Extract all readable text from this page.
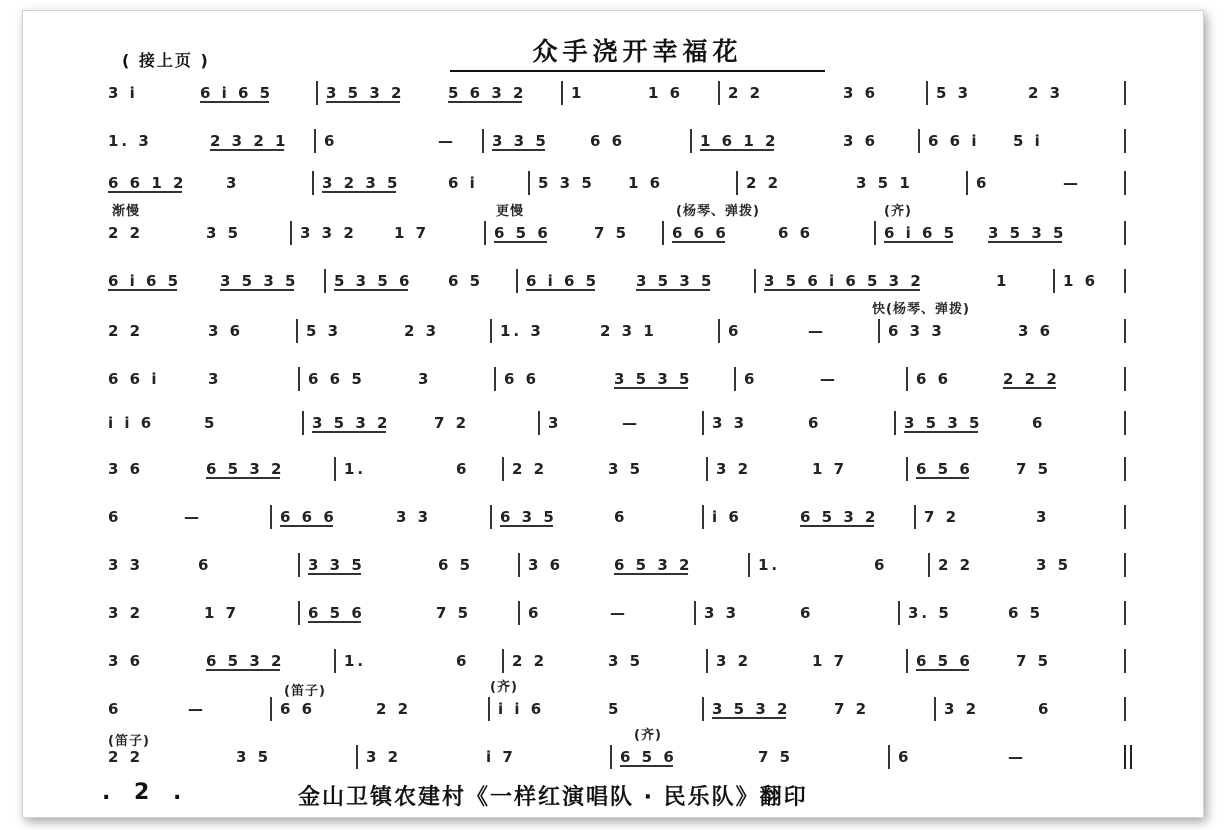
( 接上页 )	众手浇开幸福花
渐慢	更慢	(杨琴、弹拨)	(齐)
快(杨琴、弹拨)
(笛子)	(齐)
(笛子)	(齐)
3 i	6 i 6 5	3 5 3 2	5 6 3 2	1	1 6	2 2	3 6	5 3	2 3
1. 3	2 3 2 1 6	— 3 3 5	6 6	1 6 1 2	3 6	6 6 i 5 i
6 6 1 2	3	3 2 3 5	6 i	5 3 5 1 6	2 2	3 5 1	6	—
2 2	3 5	3 3 2 1 7	6 5 6	7 5	6 6 6	6 6	6 i 6 5 3 5 3 5
6 i 6 5	3 5 3 5 5 3 5 6 6 5	6 i 6 5 3 5 3 5	3 5 6 i 6 5 3 2	1	1 6
2 2	3 6	5 3	2 3	1. 3	2 3 1	6	—	6 3 3	3 6
6 6 i	3	6 6 5	3	6 6	3 5 3 5	6	—	6 6	2 2 2
i i 6	5	3 5 3 2	7 2	3	—	3 3	6	3 5 3 5	6
3 6	6 5 3 2	1.	6	2 2	3 5	3 2	1 7	6 5 6	7 5
6	—	6 6 6	3 3	6 3 5	6	i 6	6 5 3 2	7 2	3
3 3	6	3 3 5	6 5	3 6	6 5 3 2	1.	6	2 2	3 5
3 2	1 7	6 5 6	7 5	6	—	3 3	6	3. 5	6 5
3 6	6 5 3 2	1.	6	2 2	3 5	3 2	1 7	6 5 6	7 5
6	—	6 6	2 2	i i 6	5	3 5 3 2	7 2	3 2	6
2 2	3 5	3 2	i 7	6 5 6	7 5	6	—
. 2 .	金山卫镇农建村《一样红演唱队 · 民乐队》翻印
